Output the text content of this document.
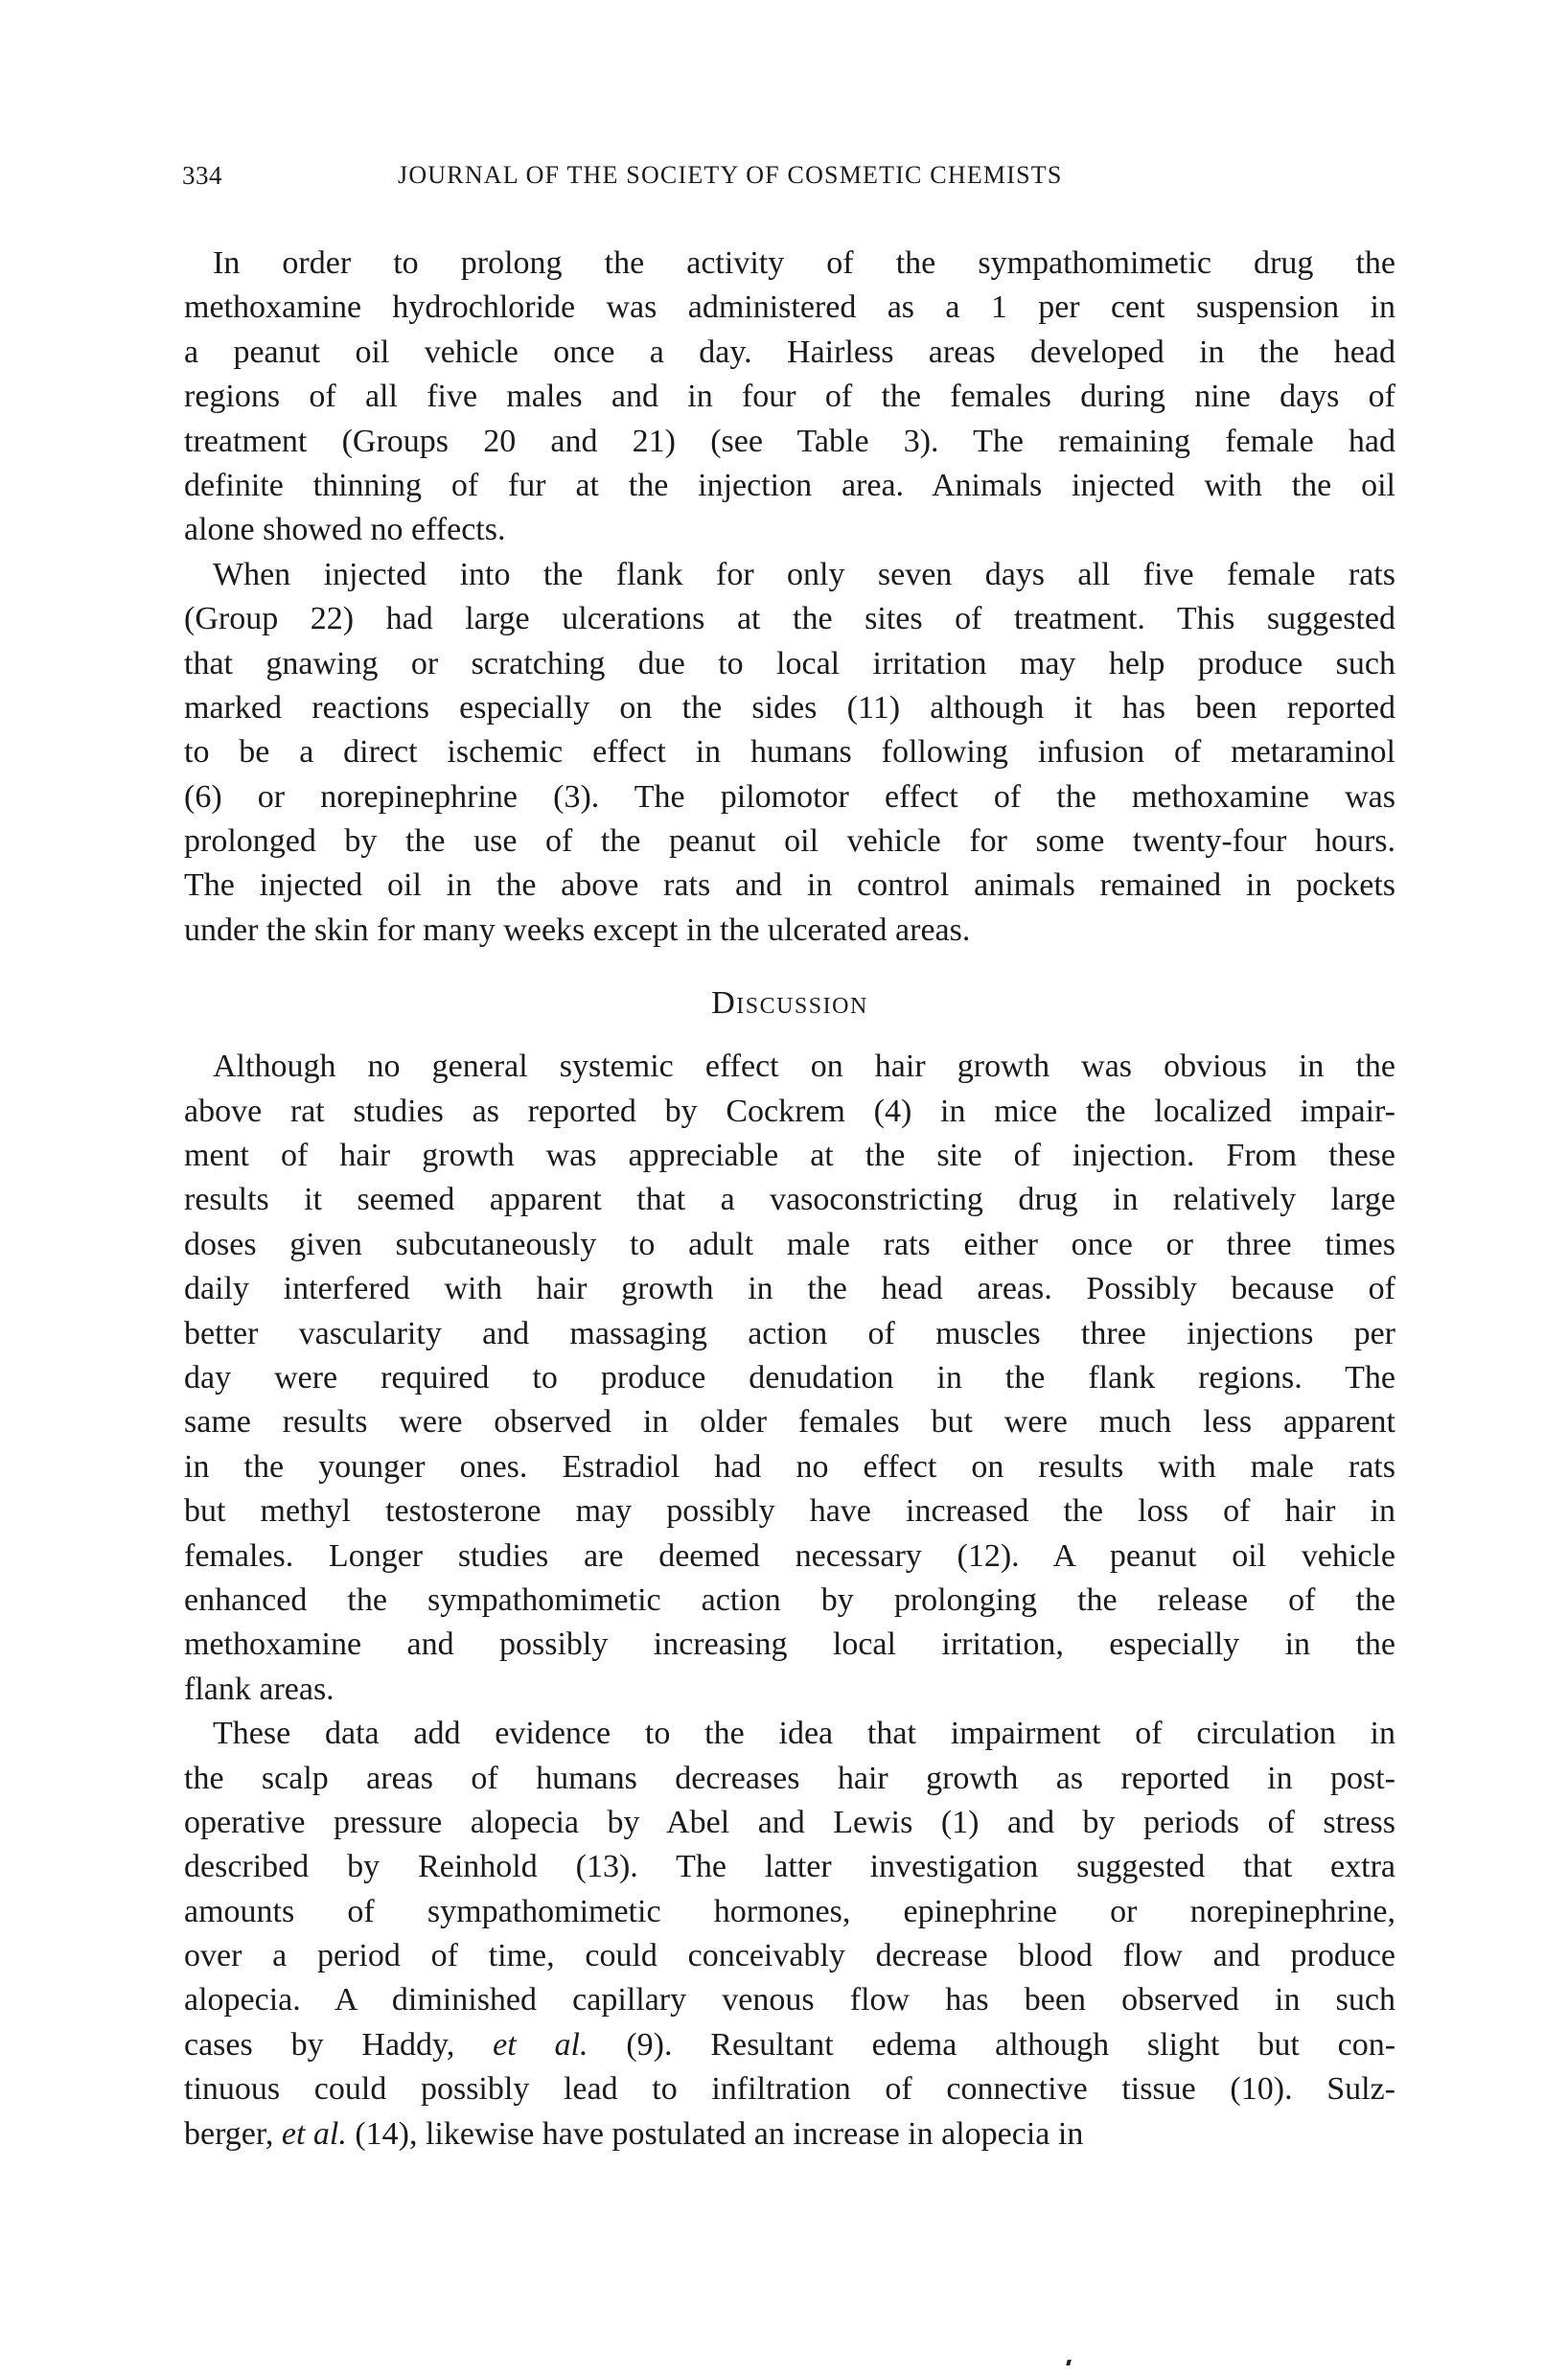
334	JOURNAL OF THE SOCIETY OF COSMETIC CHEMISTS
In order to prolong the activity of the sympathomimetic drug the
methoxamine hydrochloride was administered as a 1 per cent suspension in
a peanut oil vehicle once a day. Hairless areas developed in the head
regions of all five males and in four of the females during nine days of
treatment (Groups 20 and 21) (see Table 3). The remaining female had
definite thinning of fur at the injection area. Animals injected with the oil
alone showed no effects.
When injected into the flank for only seven days all five female rats
(Group 22) had large ulcerations at the sites of treatment. This suggested
that gnawing or scratching due to local irritation may help produce such
marked reactions especially on the sides (11) although it has been reported
to be a direct ischemic effect in humans following infusion of metaraminol
(6) or norepinephrine (3). The pilomotor effect of the methoxamine was
prolonged by the use of the peanut oil vehicle for some twenty-four hours.
The injected oil in the above rats and in control animals remained in pockets
under the skin for many weeks except in the ulcerated areas.
Discussion
Although no general systemic effect on hair growth was obvious in the
above rat studies as reported by Cockrem (4) in mice the localized impair-
ment of hair growth was appreciable at the site of injection. From these
results it seemed apparent that a vasoconstricting drug in relatively large
doses given subcutaneously to adult male rats either once or three times
daily interfered with hair growth in the head areas. Possibly because of
better vascularity and massaging action of muscles three injections per
day were required to produce denudation in the flank regions. The
same results were observed in older females but were much less apparent
in the younger ones. Estradiol had no effect on results with male rats
but methyl testosterone may possibly have increased the loss of hair in
females. Longer studies are deemed necessary (12). A peanut oil vehicle
enhanced the sympathomimetic action by prolonging the release of the
methoxamine and possibly increasing local irritation, especially in the
flank areas.
These data add evidence to the idea that impairment of circulation in
the scalp areas of humans decreases hair growth as reported in post-
operative pressure alopecia by Abel and Lewis (1) and by periods of stress
described by Reinhold (13). The latter investigation suggested that extra
amounts of sympathomimetic hormones, epinephrine or norepinephrine,
over a period of time, could conceivably decrease blood flow and produce
alopecia. A diminished capillary venous flow has been observed in such
cases by Haddy, et al. (9). Resultant edema although slight but con-
tinuous could possibly lead to infiltration of connective tissue (10). Sulz-
berger, et al. (14), likewise have postulated an increase in alopecia in
